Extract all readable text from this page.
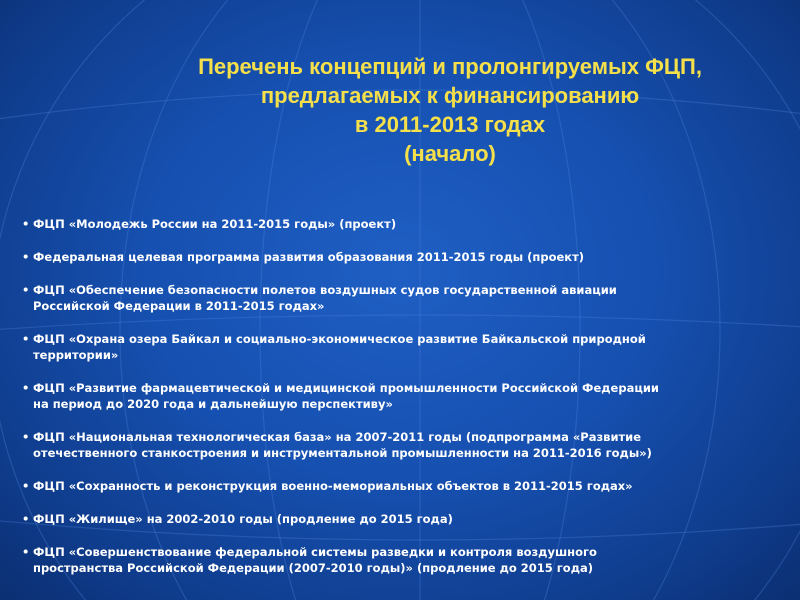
Перечень концепций и пролонгируемых ФЦП,
предлагаемых к финансированию
в 2011-2013 годах
(начало)
• ФЦП «Молодежь России на 2011-2015 годы» (проект)
• Федеральная целевая программа развития образования 2011-2015 годы (проект)
• ФЦП «Обеспечение безопасности полетов воздушных судов государственной авиации
Российской Федерации в 2011-2015 годах»
• ФЦП «Охрана озера Байкал и социально-экономическое развитие Байкальской природной
территории»
• ФЦП «Развитие фармацевтической и медицинской промышленности Российской Федерации
на период до 2020 года и дальнейшую перспективу»
• ФЦП «Национальная технологическая база» на 2007-2011 годы (подпрограмма «Развитие
отечественного станкостроения и инструментальной промышленности на 2011-2016 годы»)
• ФЦП «Сохранность и реконструкция военно-мемориальных объектов в 2011-2015 годах»
• ФЦП «Жилище» на 2002-2010 годы (продление до 2015 года)
• ФЦП «Совершенствование федеральной системы разведки и контроля воздушного
пространства Российской Федерации (2007-2010 годы)» (продление до 2015 года)
